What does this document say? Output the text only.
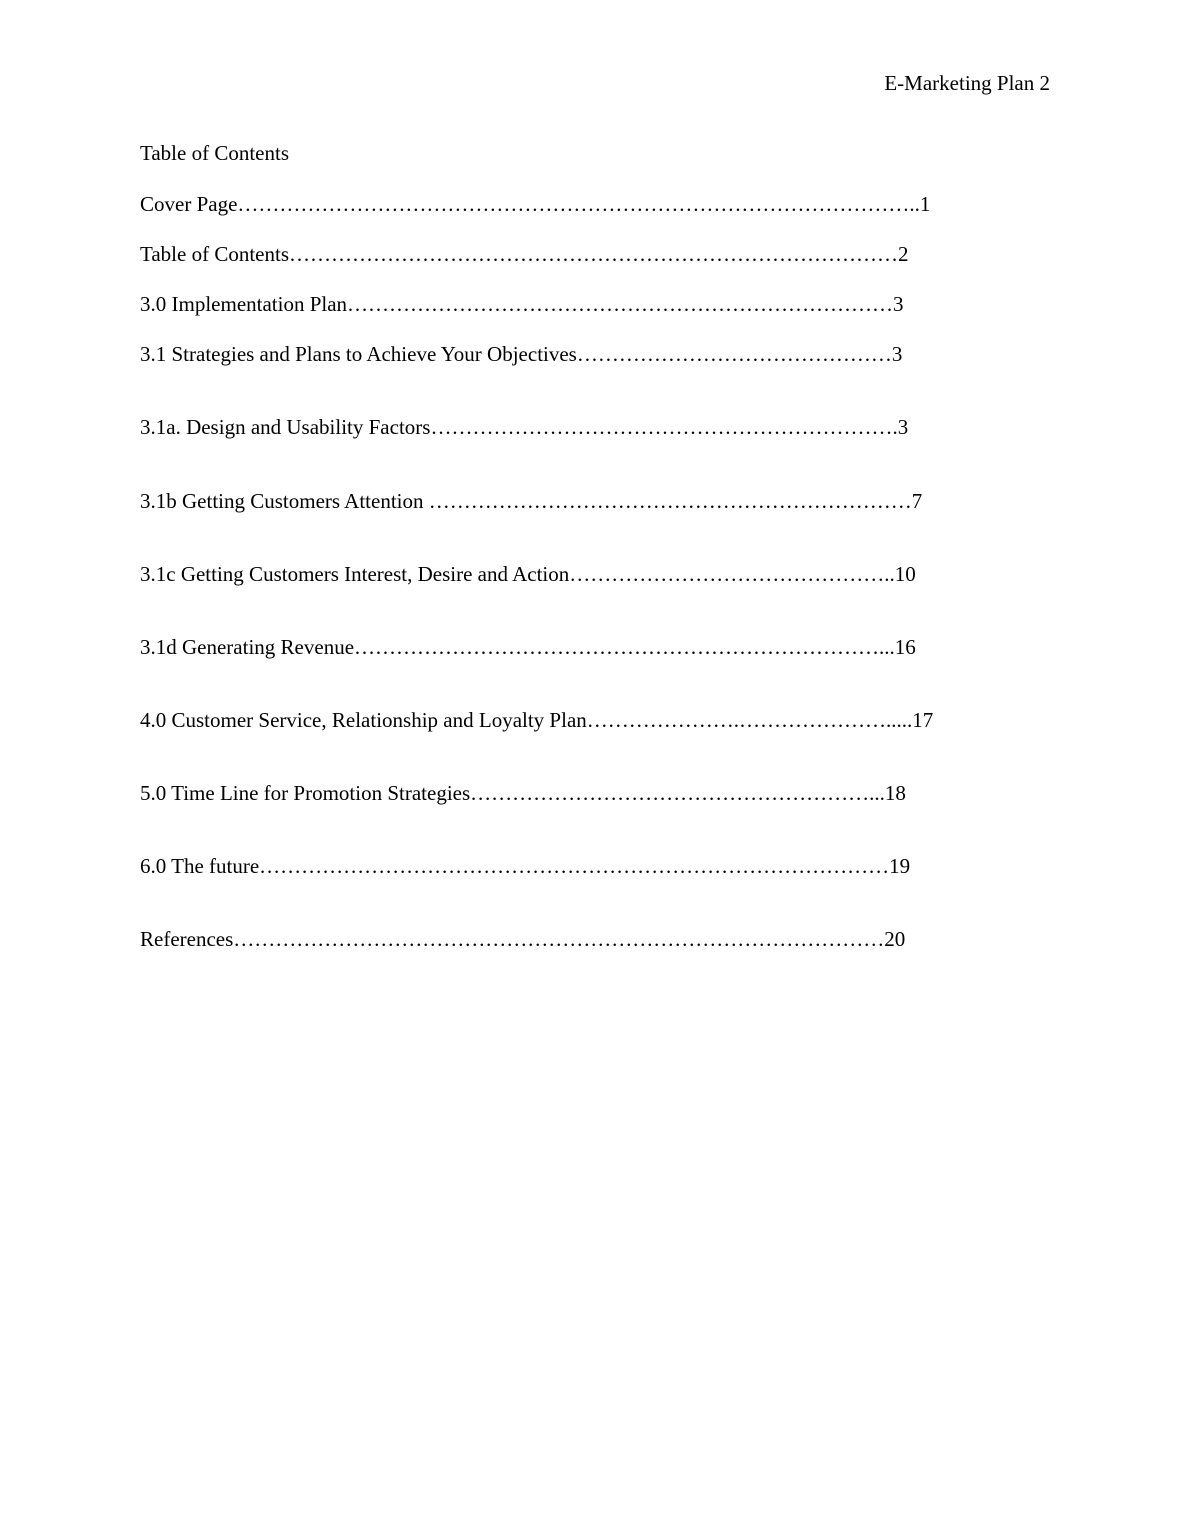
E-Marketing Plan 2
Table of Contents
Cover Page……………………………………………………………………………………..1
Table of Contents……………………………………………………………………………2
3.0 Implementation Plan……………………………………………………………………3
3.1 Strategies and Plans to Achieve Your Objectives………………………………………3
3.1a. Design and Usability Factors………………………………………………………….3
3.1b Getting Customers Attention ……………………………………………………………7
3.1c Getting Customers Interest, Desire and Action………………………………………..10
3.1d Generating Revenue…………………………………………………………………...16
4.0 Customer Service, Relationship and Loyalty Plan………………….………………….....17
5.0 Time Line for Promotion Strategies…………………………………………………...18
6.0 The future………………………………………………………………………………19
References…………………………………………………………………………………20
